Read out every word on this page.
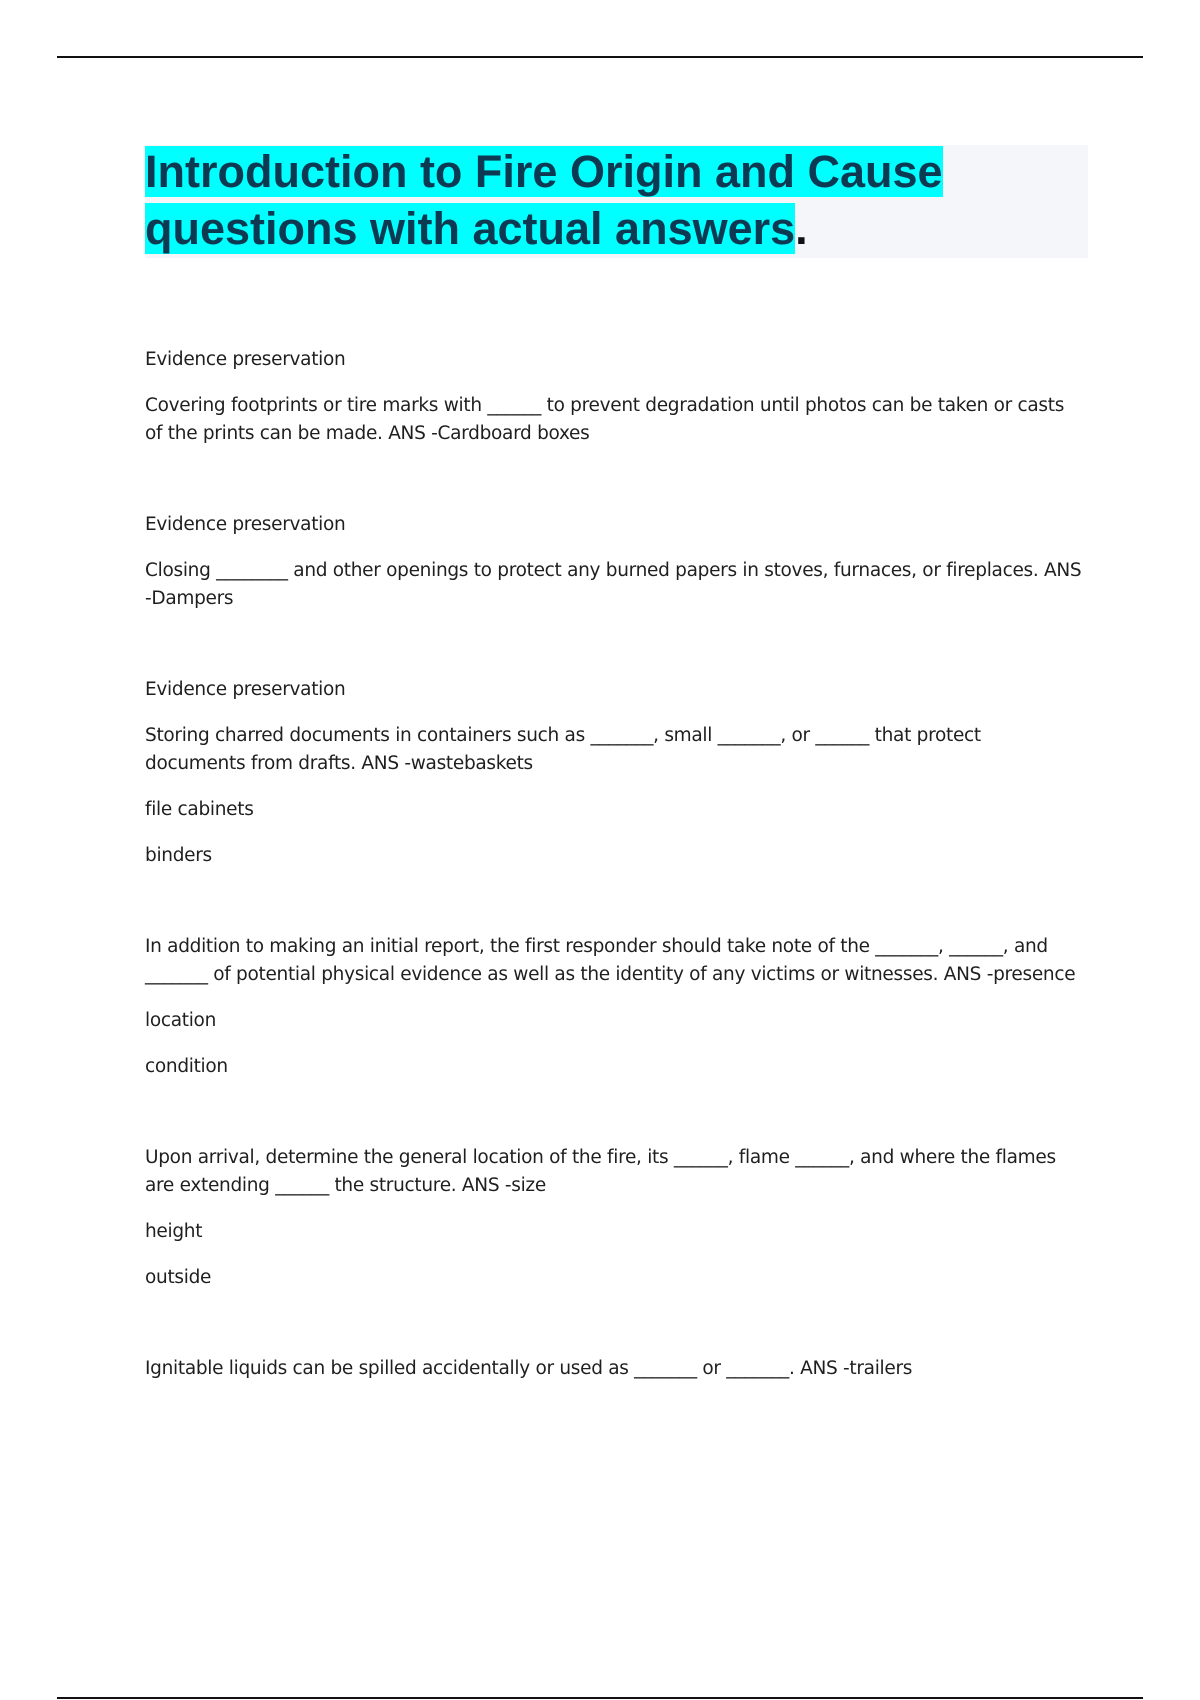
Introduction to Fire Origin and Cause
questions with actual answers.

Evidence preservation

Covering footprints or tire marks with ______ to prevent degradation until photos can be taken or casts of the prints can be made. ANS -Cardboard boxes

Evidence preservation

Closing ________ and other openings to protect any burned papers in stoves, furnaces, or fireplaces. ANS -Dampers

Evidence preservation

Storing charred documents in containers such as _______, small _______, or ______ that protect documents from drafts. ANS -wastebaskets

file cabinets

binders

In addition to making an initial report, the first responder should take note of the _______, ______, and _______ of potential physical evidence as well as the identity of any victims or witnesses. ANS -presence

location

condition

Upon arrival, determine the general location of the fire, its ______, flame ______, and where the flames are extending ______ the structure. ANS -size

height

outside

Ignitable liquids can be spilled accidentally or used as _______ or _______. ANS -trailers
